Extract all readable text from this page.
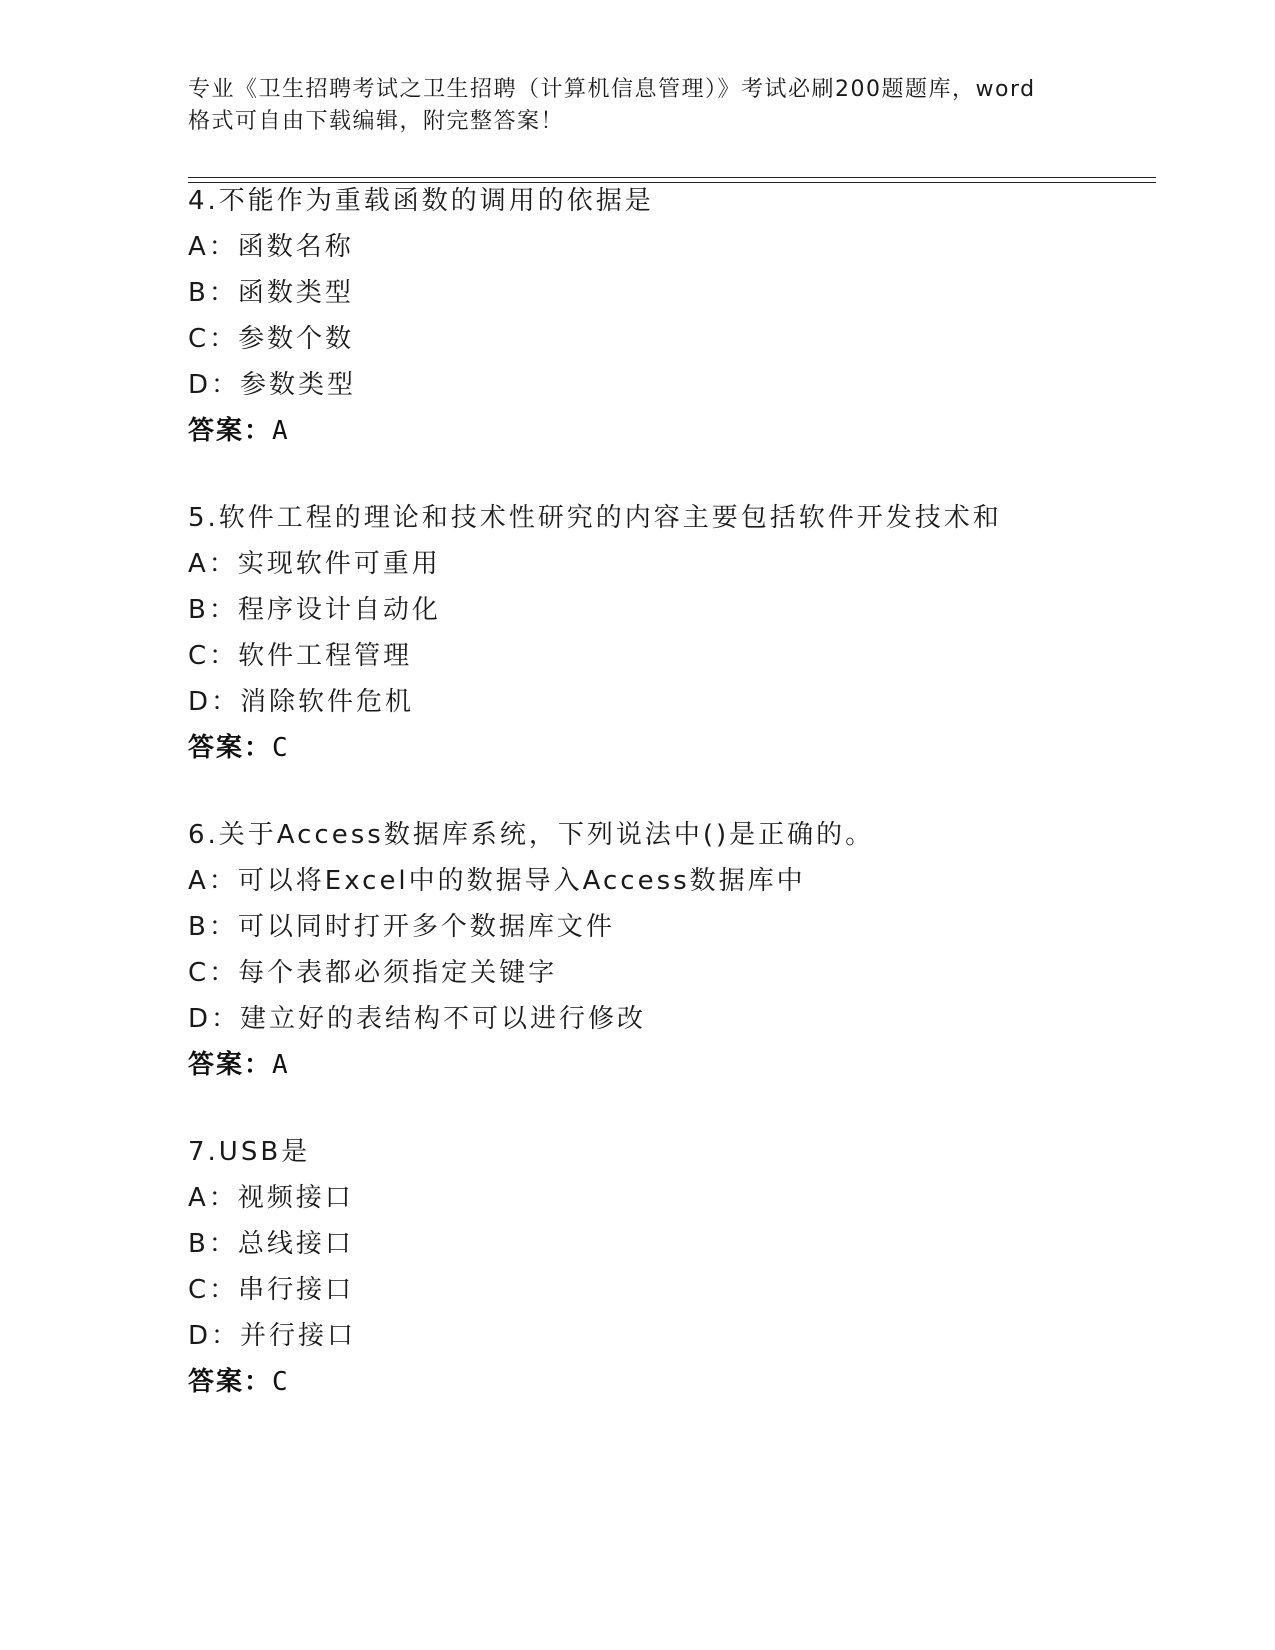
专业《卫生招聘考试之卫生招聘（计算机信息管理）》考试必刷200题题库，word
格式可自由下载编辑，附完整答案！
4.不能作为重载函数的调用的依据是
A：函数名称
B：函数类型
C：参数个数
D：参数类型
答案：A
5.软件工程的理论和技术性研究的内容主要包括软件开发技术和
A：实现软件可重用
B：程序设计自动化
C：软件工程管理
D：消除软件危机
答案：C
6.关于Access数据库系统，下列说法中()是正确的。
A：可以将Excel中的数据导入Access数据库中
B：可以同时打开多个数据库文件
C：每个表都必须指定关键字
D：建立好的表结构不可以进行修改
答案：A
7.USB是
A：视频接口
B：总线接口
C：串行接口
D：并行接口
答案：C
